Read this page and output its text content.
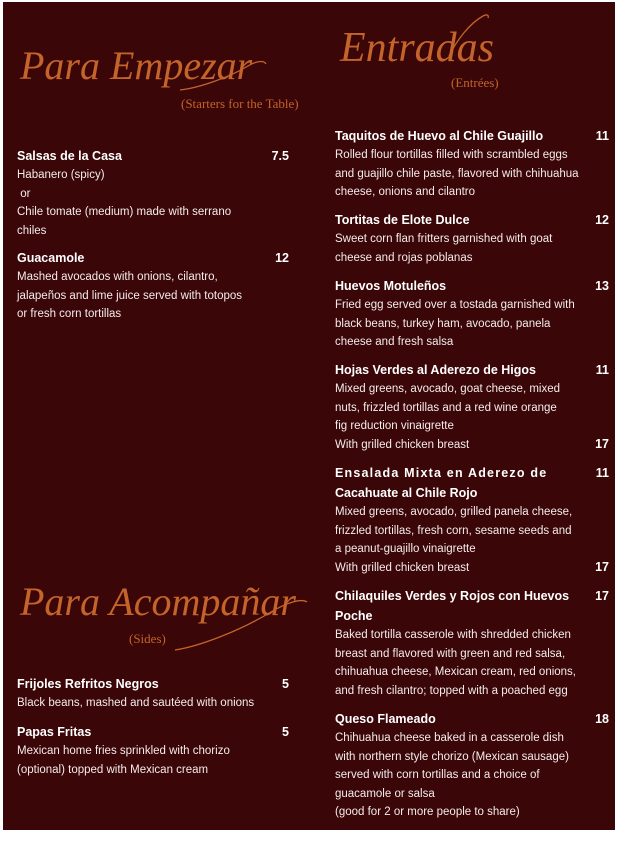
Para Empezar
(Starters for the Table)
Salsas de la Casa
Habanero (spicy)
or
Chile tomate (medium) made with serrano
chiles
7.5
Guacamole
Mashed avocados with onions, cilantro,
jalapeños and lime juice served with totopos
or fresh corn tortillas
12
Para Acompañar
(Sides)
Frijoles Refritos Negros
Black beans, mashed and sautéed with onions
5
Papas Fritas
Mexican home fries sprinkled with chorizo
(optional) topped with Mexican cream
5
Entradas
(Entrées)
Taquitos de Huevo al Chile Guajillo
Rolled flour tortillas filled with scrambled eggs
and guajillo chile paste, flavored with chihuahua
cheese, onions and cilantro
11
Tortitas de Elote Dulce
Sweet corn flan fritters garnished with goat
cheese and rojas poblanas
12
Huevos Motuleños
Fried egg served over a tostada garnished with
black beans, turkey ham, avocado, panela
cheese and fresh salsa
13
Hojas Verdes al Aderezo de Higos
Mixed greens, avocado, goat cheese, mixed
nuts, frizzled tortillas and a red wine orange
fig reduction vinaigrette
With grilled chicken breast
11
17
Ensalada Mixta en Aderezo de
Cacahuate al Chile Rojo
Mixed greens, avocado, grilled panela cheese,
frizzled tortillas, fresh corn, sesame seeds and
a peanut-guajillo vinaigrette
With grilled chicken breast
11
17
Chilaquiles Verdes y Rojos con Huevos
Poche
Baked tortilla casserole with shredded chicken
breast and flavored with green and red salsa,
chihuahua cheese, Mexican cream, red onions,
and fresh cilantro; topped with a poached egg
17
Queso Flameado
Chihuahua cheese baked in a casserole dish
with northern style chorizo (Mexican sausage)
served with corn tortillas and a choice of
guacamole or salsa
(good for 2 or more people to share)
18
